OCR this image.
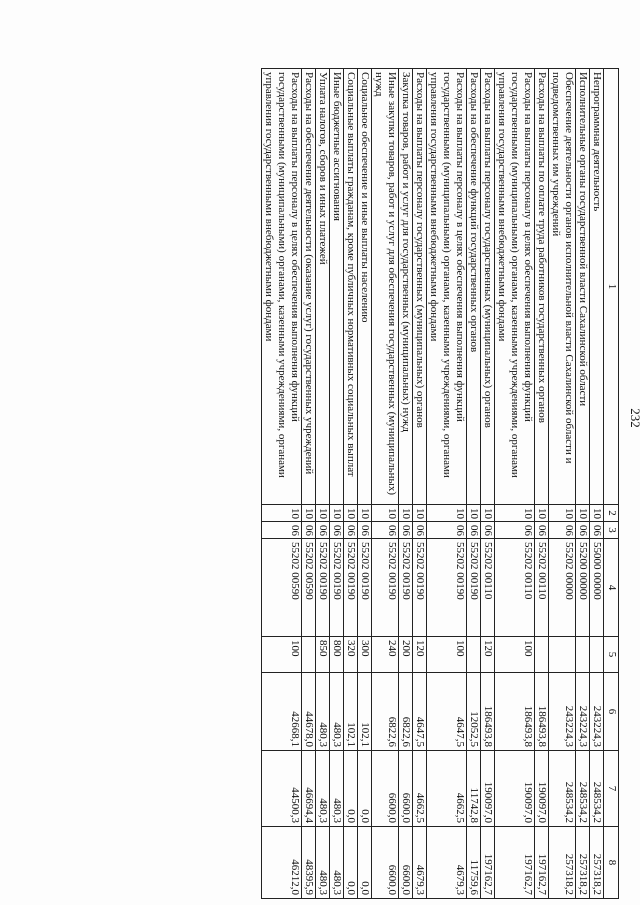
232
1	2	3	4	5	6	7	8
Непрограммная деятельность	10	06	55000 00000		243224,3	248534,2	257318,2
Исполнительные органы государственной власти Сахалинской области	10	06	55200 00000		243224,3	248534,2	257318,2
Обеспечение деятельности органов исполнительной власти Сахалинской области и подведомственных им учреждений	10	06	55202 00000		243224,3	248534,2	257318,2
Расходы на выплаты по оплате труда работников государственных органов	10	06	55202 00110		186493,8	190097,0	197162,7
Расходы на выплаты персоналу в целях обеспечения выполнения функций государственными (муниципальными) органами, казенными учреждениями, органами управления государственными внебюджетными фондами	10	06	55202 00110	100	186493,8	190097,0	197162,7
Расходы на выплаты персоналу государственных (муниципальных) органов	10	06	55202 00110	120	186493,8	190097,0	197162,7
Расходы на обеспечение функций государственных органов	10	06	55202 00190		12052,5	11742,8	11759,6
Расходы на выплаты персоналу в целях обеспечения выполнения функций государственными (муниципальными) органами, казенными учреждениями, органами управления государственными внебюджетными фондами	10	06	55202 00190	100	4647,5	4662,5	4679,3
Расходы на выплаты персоналу государственных (муниципальных) органов	10	06	55202 00190	120	4647,5	4662,5	4679,3
Закупка товаров, работ и услуг для государственных (муниципальных) нужд	10	06	55202 00190	200	6822,6	6600,0	6600,0
Иные закупки товаров, работ и услуг для обеспечения государственных (муниципальных) нужд	10	06	55202 00190	240	6822,6	6600,0	6600,0
Социальное обеспечение и иные выплаты населению	10	06	55202 00190	300	102,1	0,0	0,0
Социальные выплаты гражданам, кроме публичных нормативных социальных выплат	10	06	55202 00190	320	102,1	0,0	0,0
Иные бюджетные ассигнования	10	06	55202 00190	800	480,3	480,3	480,3
Уплата налогов, сборов и иных платежей	10	06	55202 00190	850	480,3	480,3	480,3
Расходы на обеспечение деятельности (оказание услуг) государственных учреждений	10	06	55202 00590		44678,0	46694,4	48395,9
Расходы на выплаты персоналу в целях обеспечения выполнения функций государственными (муниципальными) органами, казенными учреждениями, органами управления государственными внебюджетными фондами	10	06	55202 00590	100	42668,1	44500,3	46212,0
